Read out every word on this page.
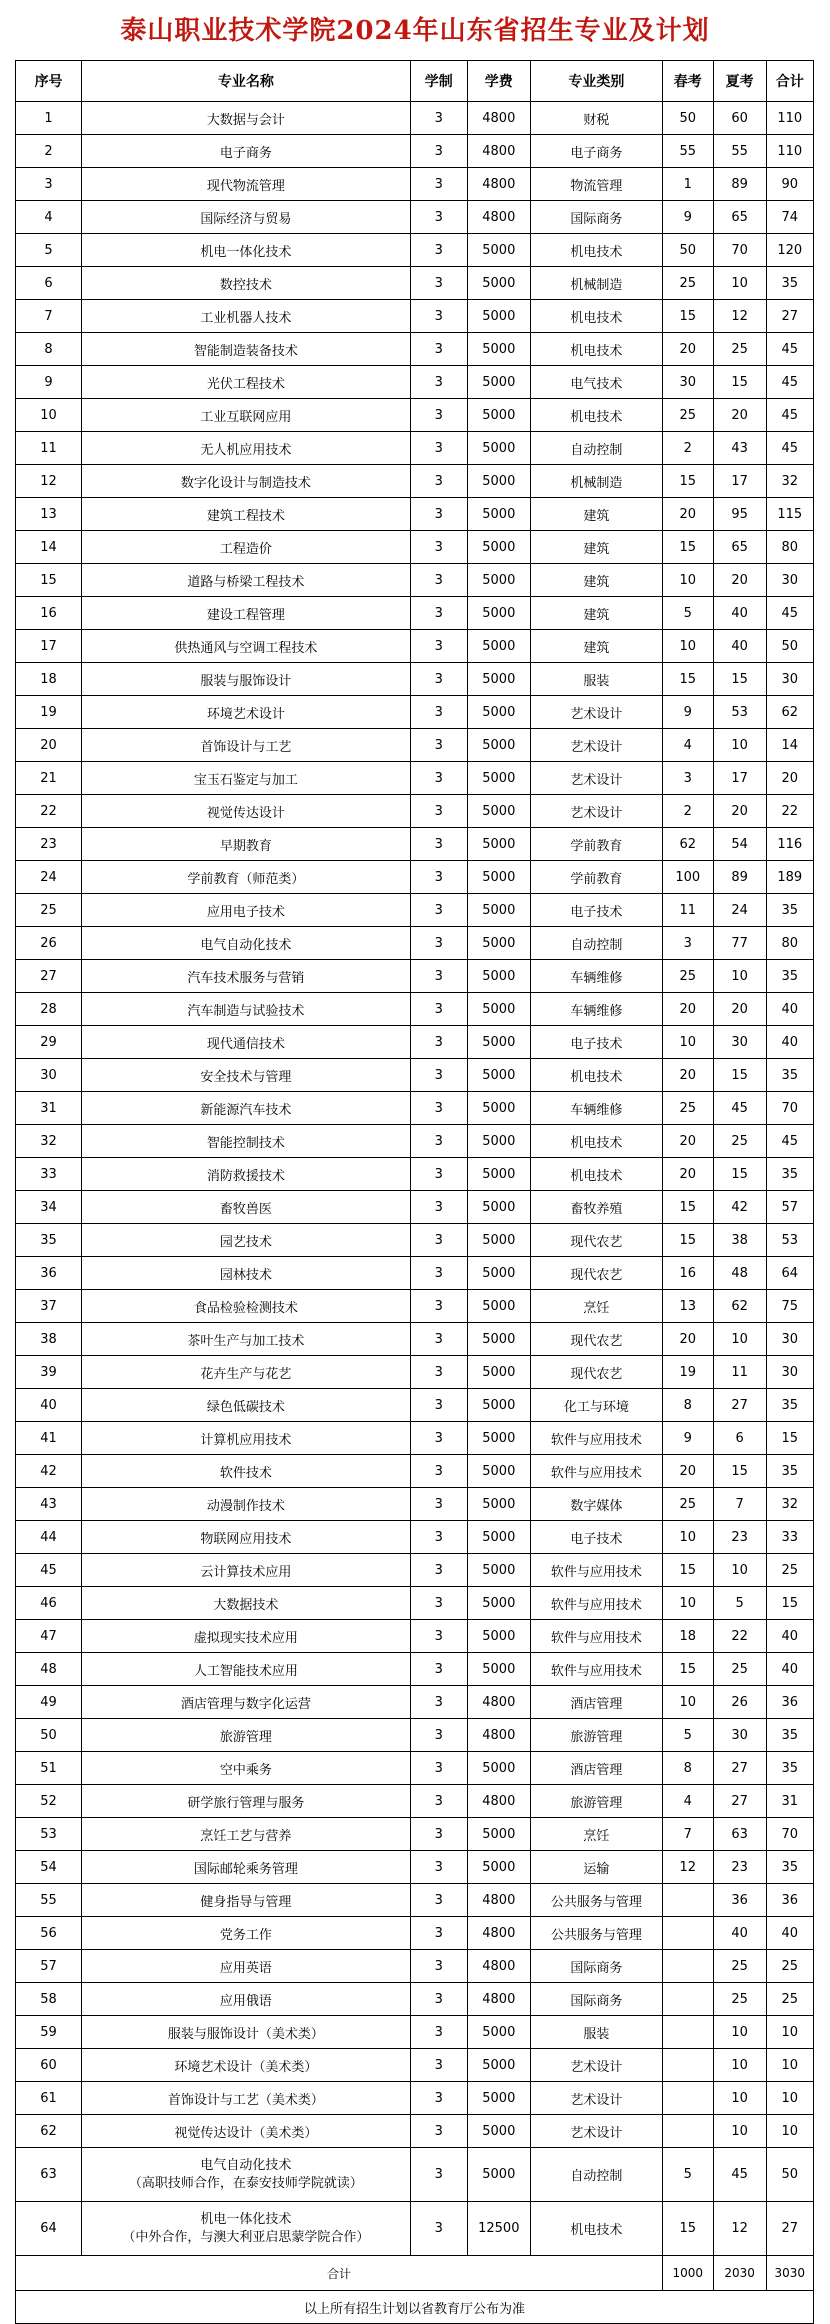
泰山职业技术学院2024年山东省招生专业及计划
序号	专业名称	学制	学费	专业类别	春考	夏考	合计
1	大数据与会计	3	4800	财税	50	60	110
2	电子商务	3	4800	电子商务	55	55	110
3	现代物流管理	3	4800	物流管理	1	89	90
4	国际经济与贸易	3	4800	国际商务	9	65	74
5	机电一体化技术	3	5000	机电技术	50	70	120
6	数控技术	3	5000	机械制造	25	10	35
7	工业机器人技术	3	5000	机电技术	15	12	27
8	智能制造装备技术	3	5000	机电技术	20	25	45
9	光伏工程技术	3	5000	电气技术	30	15	45
10	工业互联网应用	3	5000	机电技术	25	20	45
11	无人机应用技术	3	5000	自动控制	2	43	45
12	数字化设计与制造技术	3	5000	机械制造	15	17	32
13	建筑工程技术	3	5000	建筑	20	95	115
14	工程造价	3	5000	建筑	15	65	80
15	道路与桥梁工程技术	3	5000	建筑	10	20	30
16	建设工程管理	3	5000	建筑	5	40	45
17	供热通风与空调工程技术	3	5000	建筑	10	40	50
18	服装与服饰设计	3	5000	服装	15	15	30
19	环境艺术设计	3	5000	艺术设计	9	53	62
20	首饰设计与工艺	3	5000	艺术设计	4	10	14
21	宝玉石鉴定与加工	3	5000	艺术设计	3	17	20
22	视觉传达设计	3	5000	艺术设计	2	20	22
23	早期教育	3	5000	学前教育	62	54	116
24	学前教育（师范类）	3	5000	学前教育	100	89	189
25	应用电子技术	3	5000	电子技术	11	24	35
26	电气自动化技术	3	5000	自动控制	3	77	80
27	汽车技术服务与营销	3	5000	车辆维修	25	10	35
28	汽车制造与试验技术	3	5000	车辆维修	20	20	40
29	现代通信技术	3	5000	电子技术	10	30	40
30	安全技术与管理	3	5000	机电技术	20	15	35
31	新能源汽车技术	3	5000	车辆维修	25	45	70
32	智能控制技术	3	5000	机电技术	20	25	45
33	消防救援技术	3	5000	机电技术	20	15	35
34	畜牧兽医	3	5000	畜牧养殖	15	42	57
35	园艺技术	3	5000	现代农艺	15	38	53
36	园林技术	3	5000	现代农艺	16	48	64
37	食品检验检测技术	3	5000	烹饪	13	62	75
38	茶叶生产与加工技术	3	5000	现代农艺	20	10	30
39	花卉生产与花艺	3	5000	现代农艺	19	11	30
40	绿色低碳技术	3	5000	化工与环境	8	27	35
41	计算机应用技术	3	5000	软件与应用技术	9	6	15
42	软件技术	3	5000	软件与应用技术	20	15	35
43	动漫制作技术	3	5000	数字媒体	25	7	32
44	物联网应用技术	3	5000	电子技术	10	23	33
45	云计算技术应用	3	5000	软件与应用技术	15	10	25
46	大数据技术	3	5000	软件与应用技术	10	5	15
47	虚拟现实技术应用	3	5000	软件与应用技术	18	22	40
48	人工智能技术应用	3	5000	软件与应用技术	15	25	40
49	酒店管理与数字化运营	3	4800	酒店管理	10	26	36
50	旅游管理	3	4800	旅游管理	5	30	35
51	空中乘务	3	5000	酒店管理	8	27	35
52	研学旅行管理与服务	3	4800	旅游管理	4	27	31
53	烹饪工艺与营养	3	5000	烹饪	7	63	70
54	国际邮轮乘务管理	3	5000	运输	12	23	35
55	健身指导与管理	3	4800	公共服务与管理		36	36
56	党务工作	3	4800	公共服务与管理		40	40
57	应用英语	3	4800	国际商务		25	25
58	应用俄语	3	4800	国际商务		25	25
59	服装与服饰设计（美术类）	3	5000	服装		10	10
60	环境艺术设计（美术类）	3	5000	艺术设计		10	10
61	首饰设计与工艺（美术类）	3	5000	艺术设计		10	10
62	视觉传达设计（美术类）	3	5000	艺术设计		10	10
63	电气自动化技术
（高职技师合作，在泰安技师学院就读）	3	5000	自动控制	5	45	50
64	机电一体化技术
（中外合作，与澳大利亚启思蒙学院合作）	3	12500	机电技术	15	12	27
合计					1000	2030	3030
以上所有招生计划以省教育厅公布为准							
